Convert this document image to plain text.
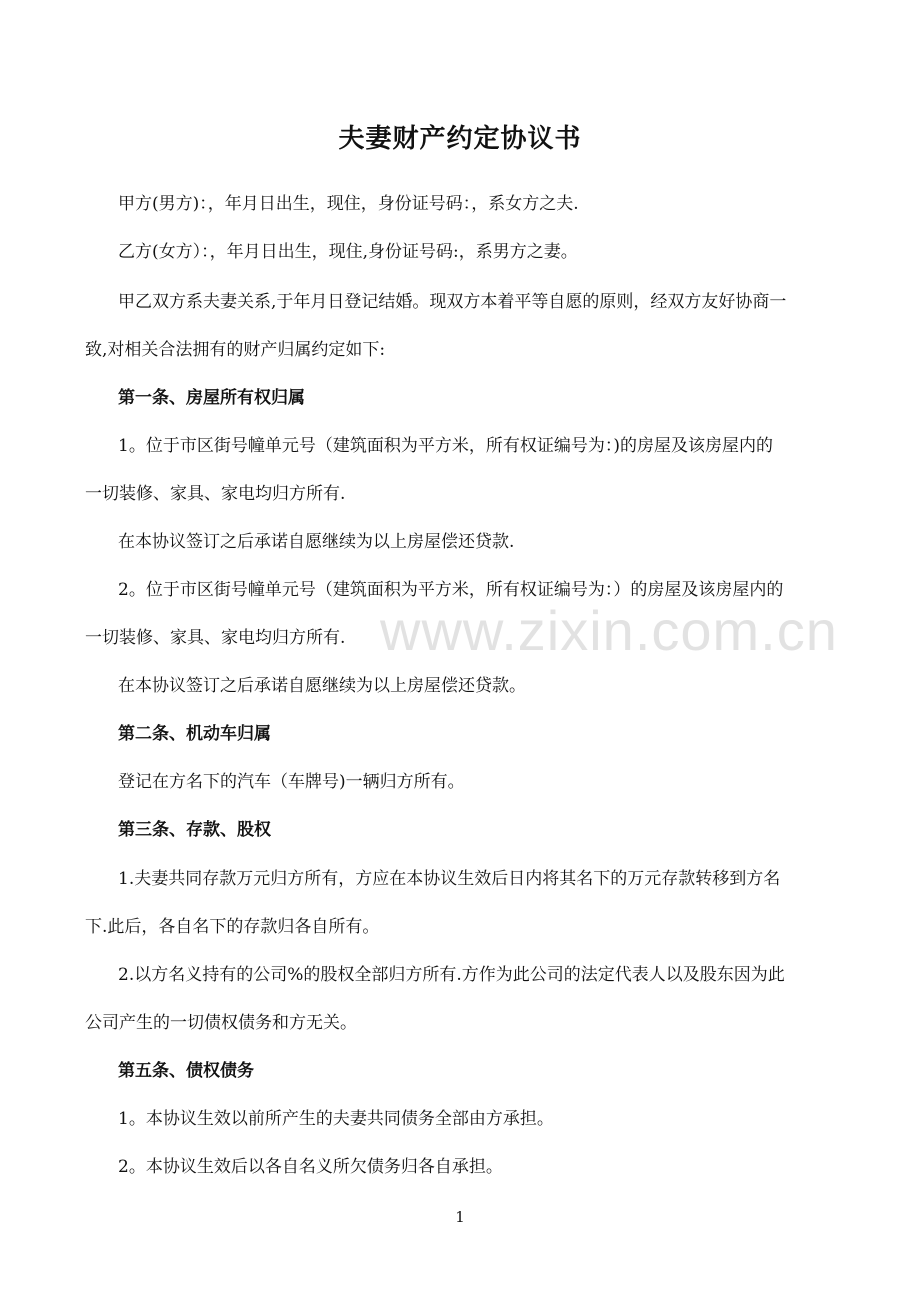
夫妻财产约定协议书
甲方(男方)：，年月日出生，现住，身份证号码：，系女方之夫.
乙方(女方）：，年月日出生，现住,身份证号码:，系男方之妻。
甲乙双方系夫妻关系,于年月日登记结婚。现双方本着平等自愿的原则，经双方友好协商一
致,对相关合法拥有的财产归属约定如下:
第一条、房屋所有权归属
1。位于市区街号幢单元号（建筑面积为平方米，所有权证编号为：)的房屋及该房屋内的
一切装修、家具、家电均归方所有.
在本协议签订之后承诺自愿继续为以上房屋偿还贷款.
2。位于市区街号幢单元号（建筑面积为平方米，所有权证编号为：）的房屋及该房屋内的
一切装修、家具、家电均归方所有.
在本协议签订之后承诺自愿继续为以上房屋偿还贷款。
第二条、机动车归属
登记在方名下的汽车（车牌号)一辆归方所有。
第三条、存款、股权
1.夫妻共同存款万元归方所有，方应在本协议生效后日内将其名下的万元存款转移到方名
下.此后，各自名下的存款归各自所有。
2.以方名义持有的公司%的股权全部归方所有.方作为此公司的法定代表人以及股东因为此
公司产生的一切债权债务和方无关。
第五条、债权债务
1。本协议生效以前所产生的夫妻共同债务全部由方承担。
2。本协议生效后以各自名义所欠债务归各自承担。
www.zixin.com.cn
1
